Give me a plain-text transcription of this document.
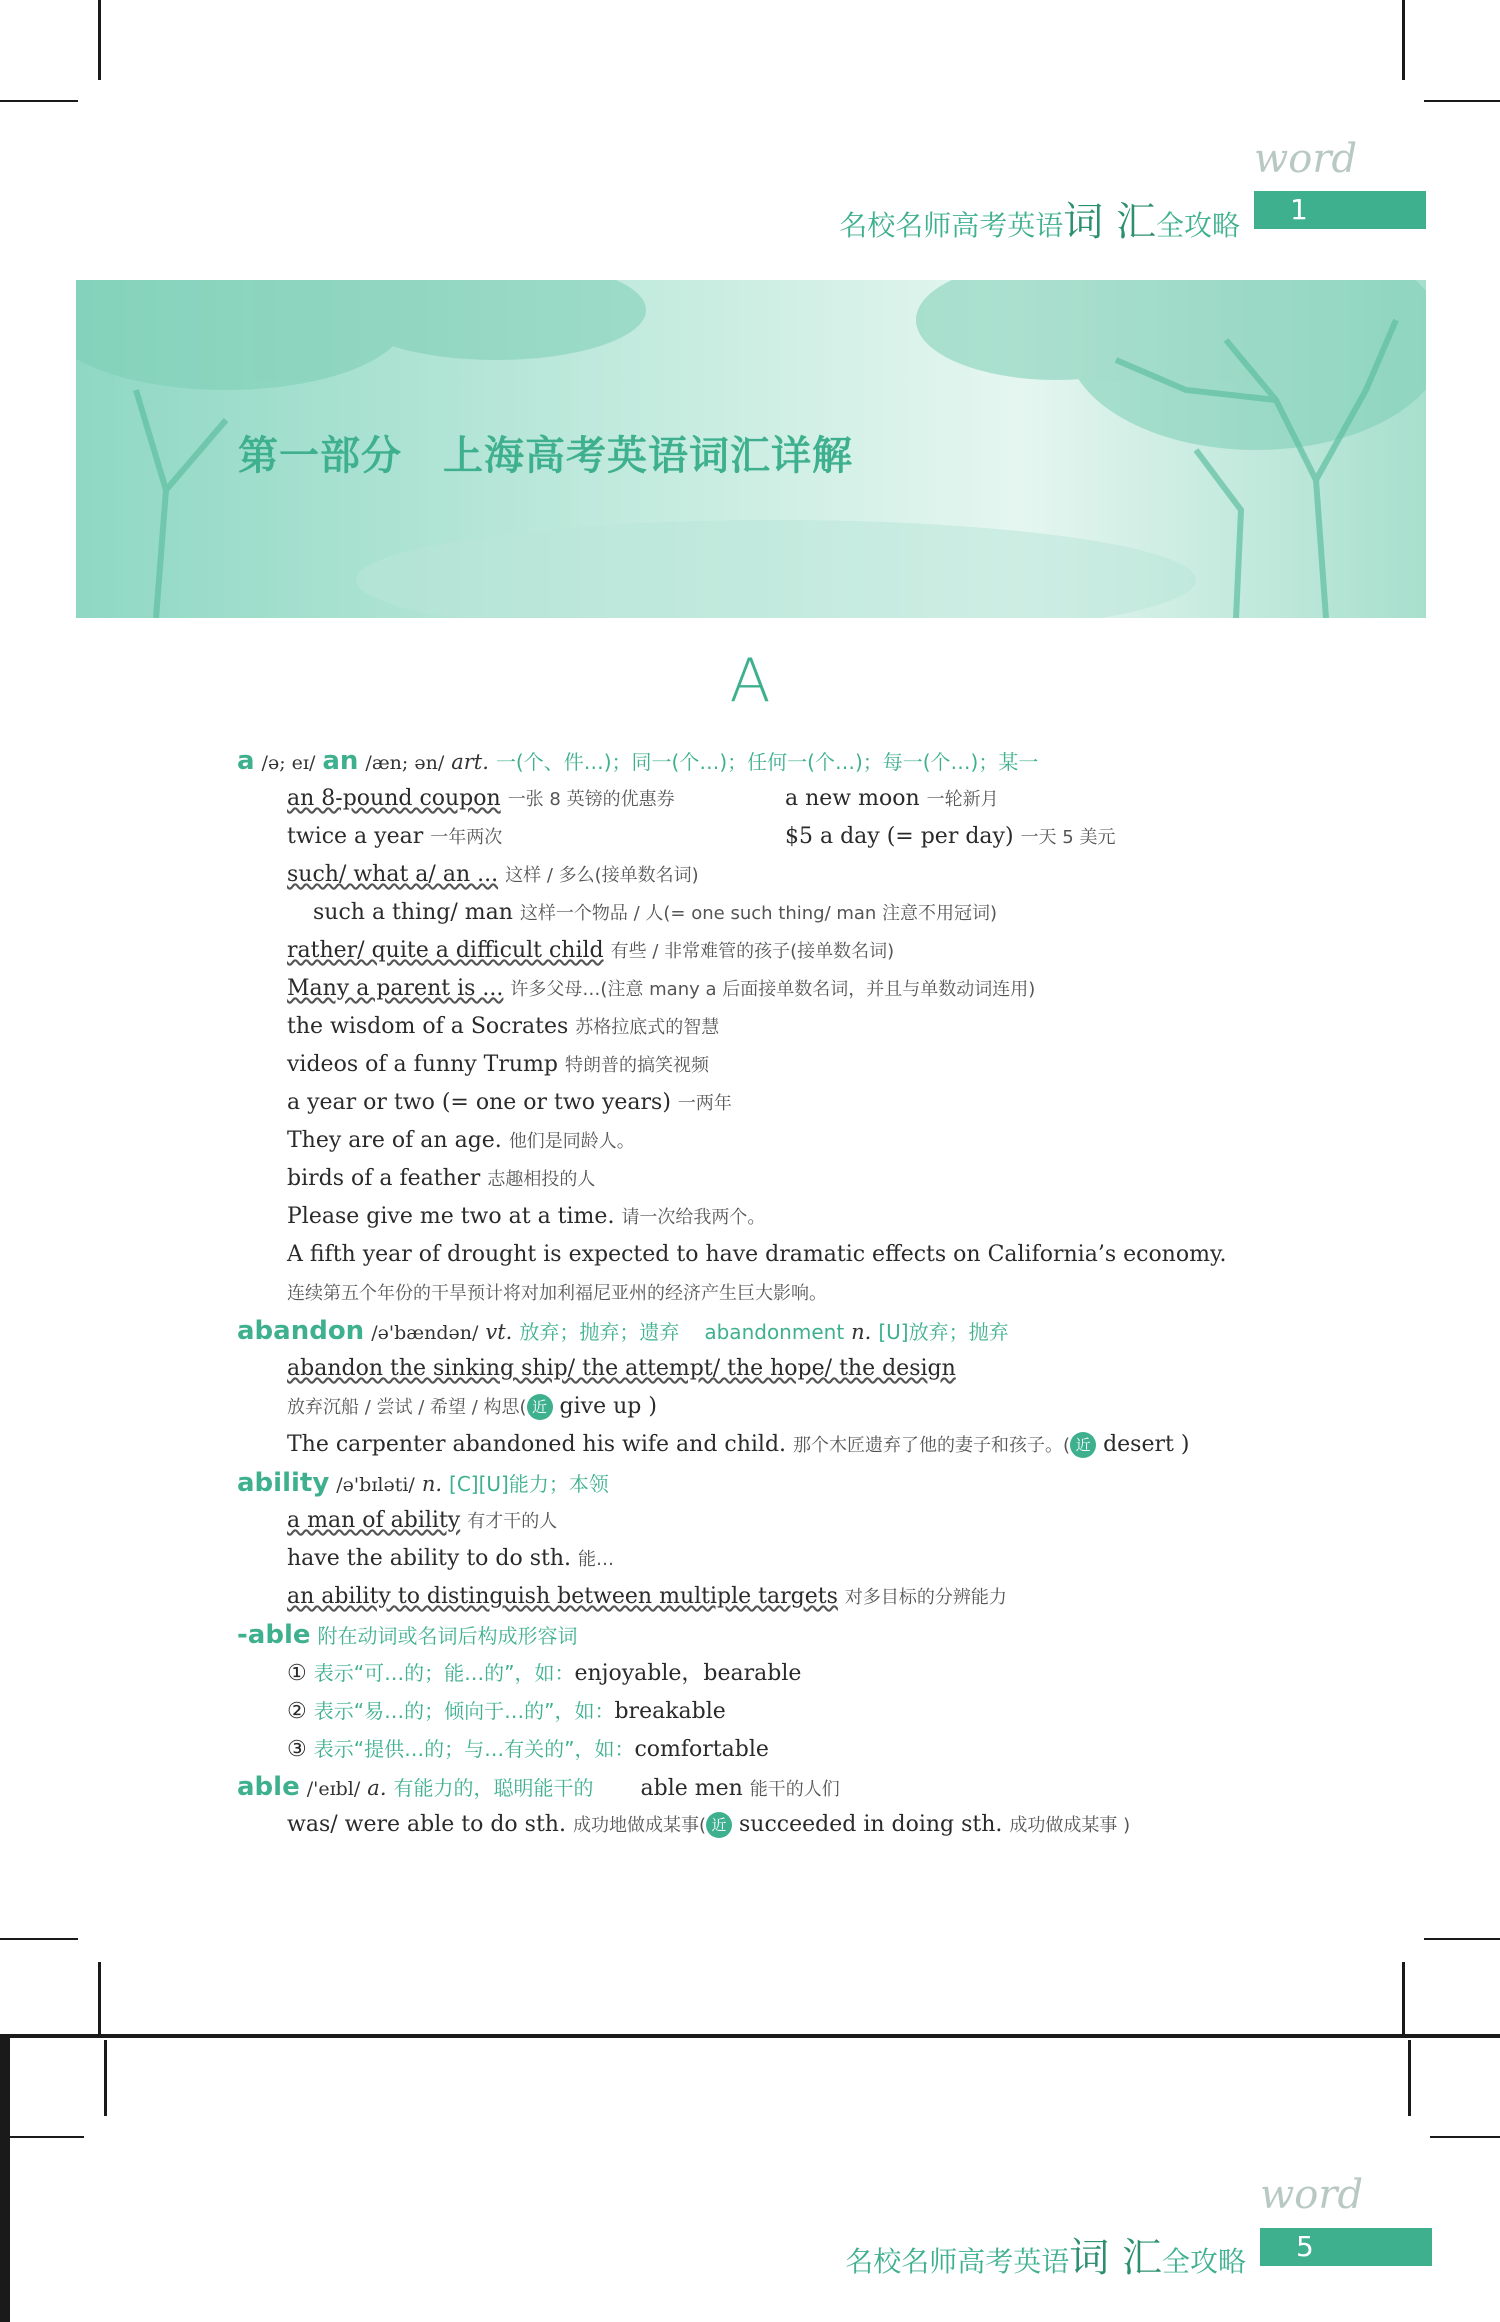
word
名校名师高考英语词 汇全攻略	1
第一部分　上海高考英语词汇详解
A
a /ə; eɪ/ an /æn; ən/ art. 一(个、件…)；同一(个…)；任何一(个…)；每一(个…)；某一
an 8-pound coupon 一张 8 英镑的优惠券	a new moon 一轮新月
twice a year 一年两次	$5 a day (= per day) 一天 5 美元
such/ what a/ an ... 这样 / 多么(接单数名词)
such a thing/ man 这样一个物品 / 人(= one such thing/ man 注意不用冠词)
rather/ quite a difficult child 有些 / 非常难管的孩子(接单数名词)
Many a parent is ... 许多父母…(注意 many a 后面接单数名词，并且与单数动词连用)
the wisdom of a Socrates 苏格拉底式的智慧
videos of a funny Trump 特朗普的搞笑视频
a year or two (= one or two years) 一两年
They are of an age. 他们是同龄人。
birds of a feather 志趣相投的人
Please give me two at a time. 请一次给我两个。
A fifth year of drought is expected to have dramatic effects on California’s economy.
连续第五个年份的干旱预计将对加利福尼亚州的经济产生巨大影响。
abandon /ə'bændən/ vt. 放弃；抛弃；遗弃 abandonment n. [U]放弃；抛弃
abandon the sinking ship/ the attempt/ the hope/ the design
放弃沉船 / 尝试 / 希望 / 构思( 近 give up )
The carpenter abandoned his wife and child. 那个木匠遗弃了他的妻子和孩子。( 近 desert )
ability /ə'bɪləti/ n. [C][U]能力；本领
a man of ability 有才干的人
have the ability to do sth. 能…
an ability to distinguish between multiple targets 对多目标的分辨能力
-able 附在动词或名词后构成形容词
① 表示“可…的；能…的”，如：enjoyable，bearable
② 表示“易…的；倾向于…的”，如：breakable
③ 表示“提供…的；与…有关的”，如：comfortable
able /'eɪbl/ a. 有能力的，聪明能干的 able men 能干的人们
was/ were able to do sth. 成功地做成某事( 近 succeeded in doing sth. 成功做成某事 )
word
名校名师高考英语词 汇全攻略	5
